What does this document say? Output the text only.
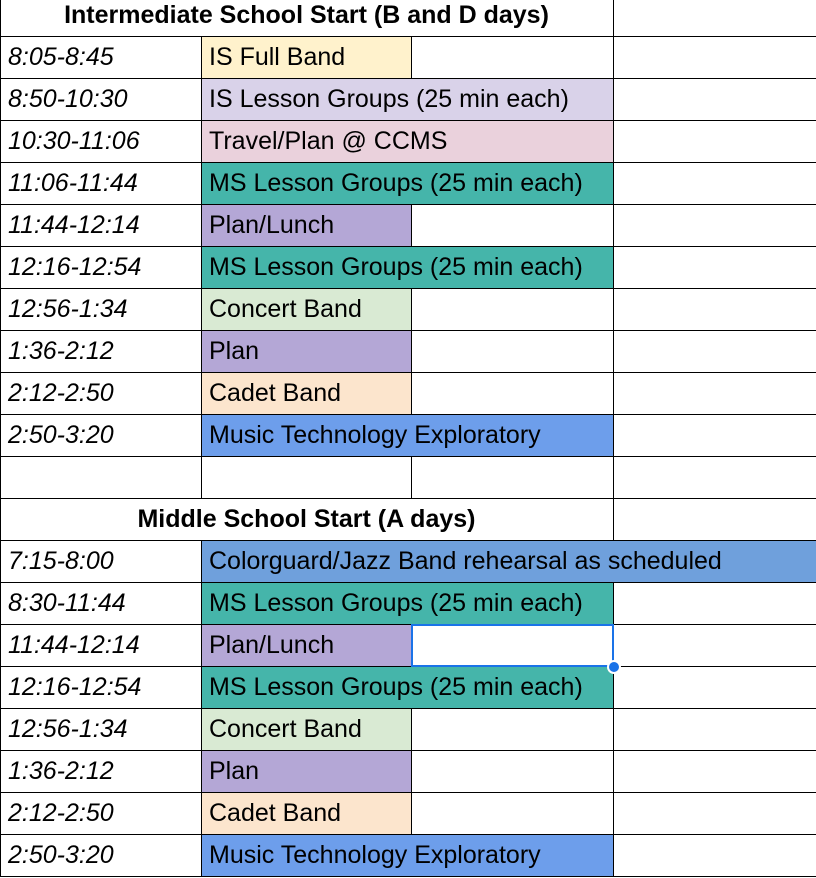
Intermediate School Start (B and D days)
8:05-8:45	IS Full Band
8:50-10:30	IS Lesson Groups (25 min each)
10:30-11:06	Travel/Plan @ CCMS
11:06-11:44	MS Lesson Groups (25 min each)
11:44-12:14	Plan/Lunch
12:16-12:54	MS Lesson Groups (25 min each)
12:56-1:34	Concert Band
1:36-2:12	Plan
2:12-2:50	Cadet Band
2:50-3:20	Music Technology Exploratory
Middle School Start (A days)
7:15-8:00	Colorguard/Jazz Band rehearsal as scheduled
8:30-11:44	MS Lesson Groups (25 min each)
11:44-12:14	Plan/Lunch
12:16-12:54	MS Lesson Groups (25 min each)
12:56-1:34	Concert Band
1:36-2:12	Plan
2:12-2:50	Cadet Band
2:50-3:20	Music Technology Exploratory
